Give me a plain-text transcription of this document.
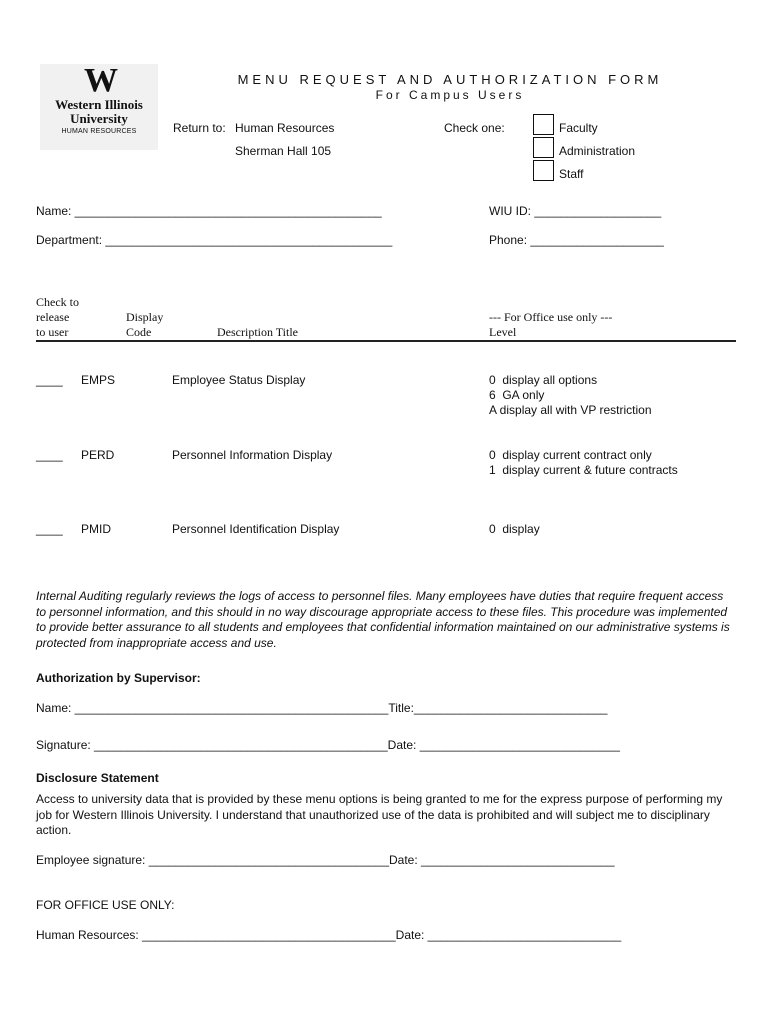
W
Western Illinois
University
HUMAN RESOURCES
MENU REQUEST AND AUTHORIZATION FORM
For Campus Users
Return to: Human Resources
Sherman Hall 105
Check one:	Faculty
Administration
Staff
Name: ______________________________________________	WIU ID: ___________________
Department: ___________________________________________	Phone: ____________________
Check to
release
to user
Display
Code	Description Title
--- For Office use only ---
Level
____ EMPS	Employee Status Display	0  display all options
6  GA only
A display all with VP restriction
____ PERD	Personnel Information Display	0  display current contract only
1  display current & future contracts
____ PMID	Personnel Identification Display	0  display
Internal Auditing regularly reviews the logs of access to personnel files. Many employees have duties that require frequent access to personnel information, and this should in no way discourage appropriate access to these files. This procedure was implemented to provide better assurance to all students and employees that confidential information maintained on our administrative systems is protected from inappropriate access and use.
Authorization by Supervisor:
Name: _______________________________________________Title:_____________________________
Signature: ____________________________________________Date: ______________________________
Disclosure Statement
Access to university data that is provided by these menu options is being granted to me for the express purpose of performing my job for Western Illinois University. I understand that unauthorized use of the data is prohibited and will subject me to disciplinary action.
Employee signature: ____________________________________Date: _____________________________
FOR OFFICE USE ONLY:
Human Resources: ______________________________________Date: _____________________________
